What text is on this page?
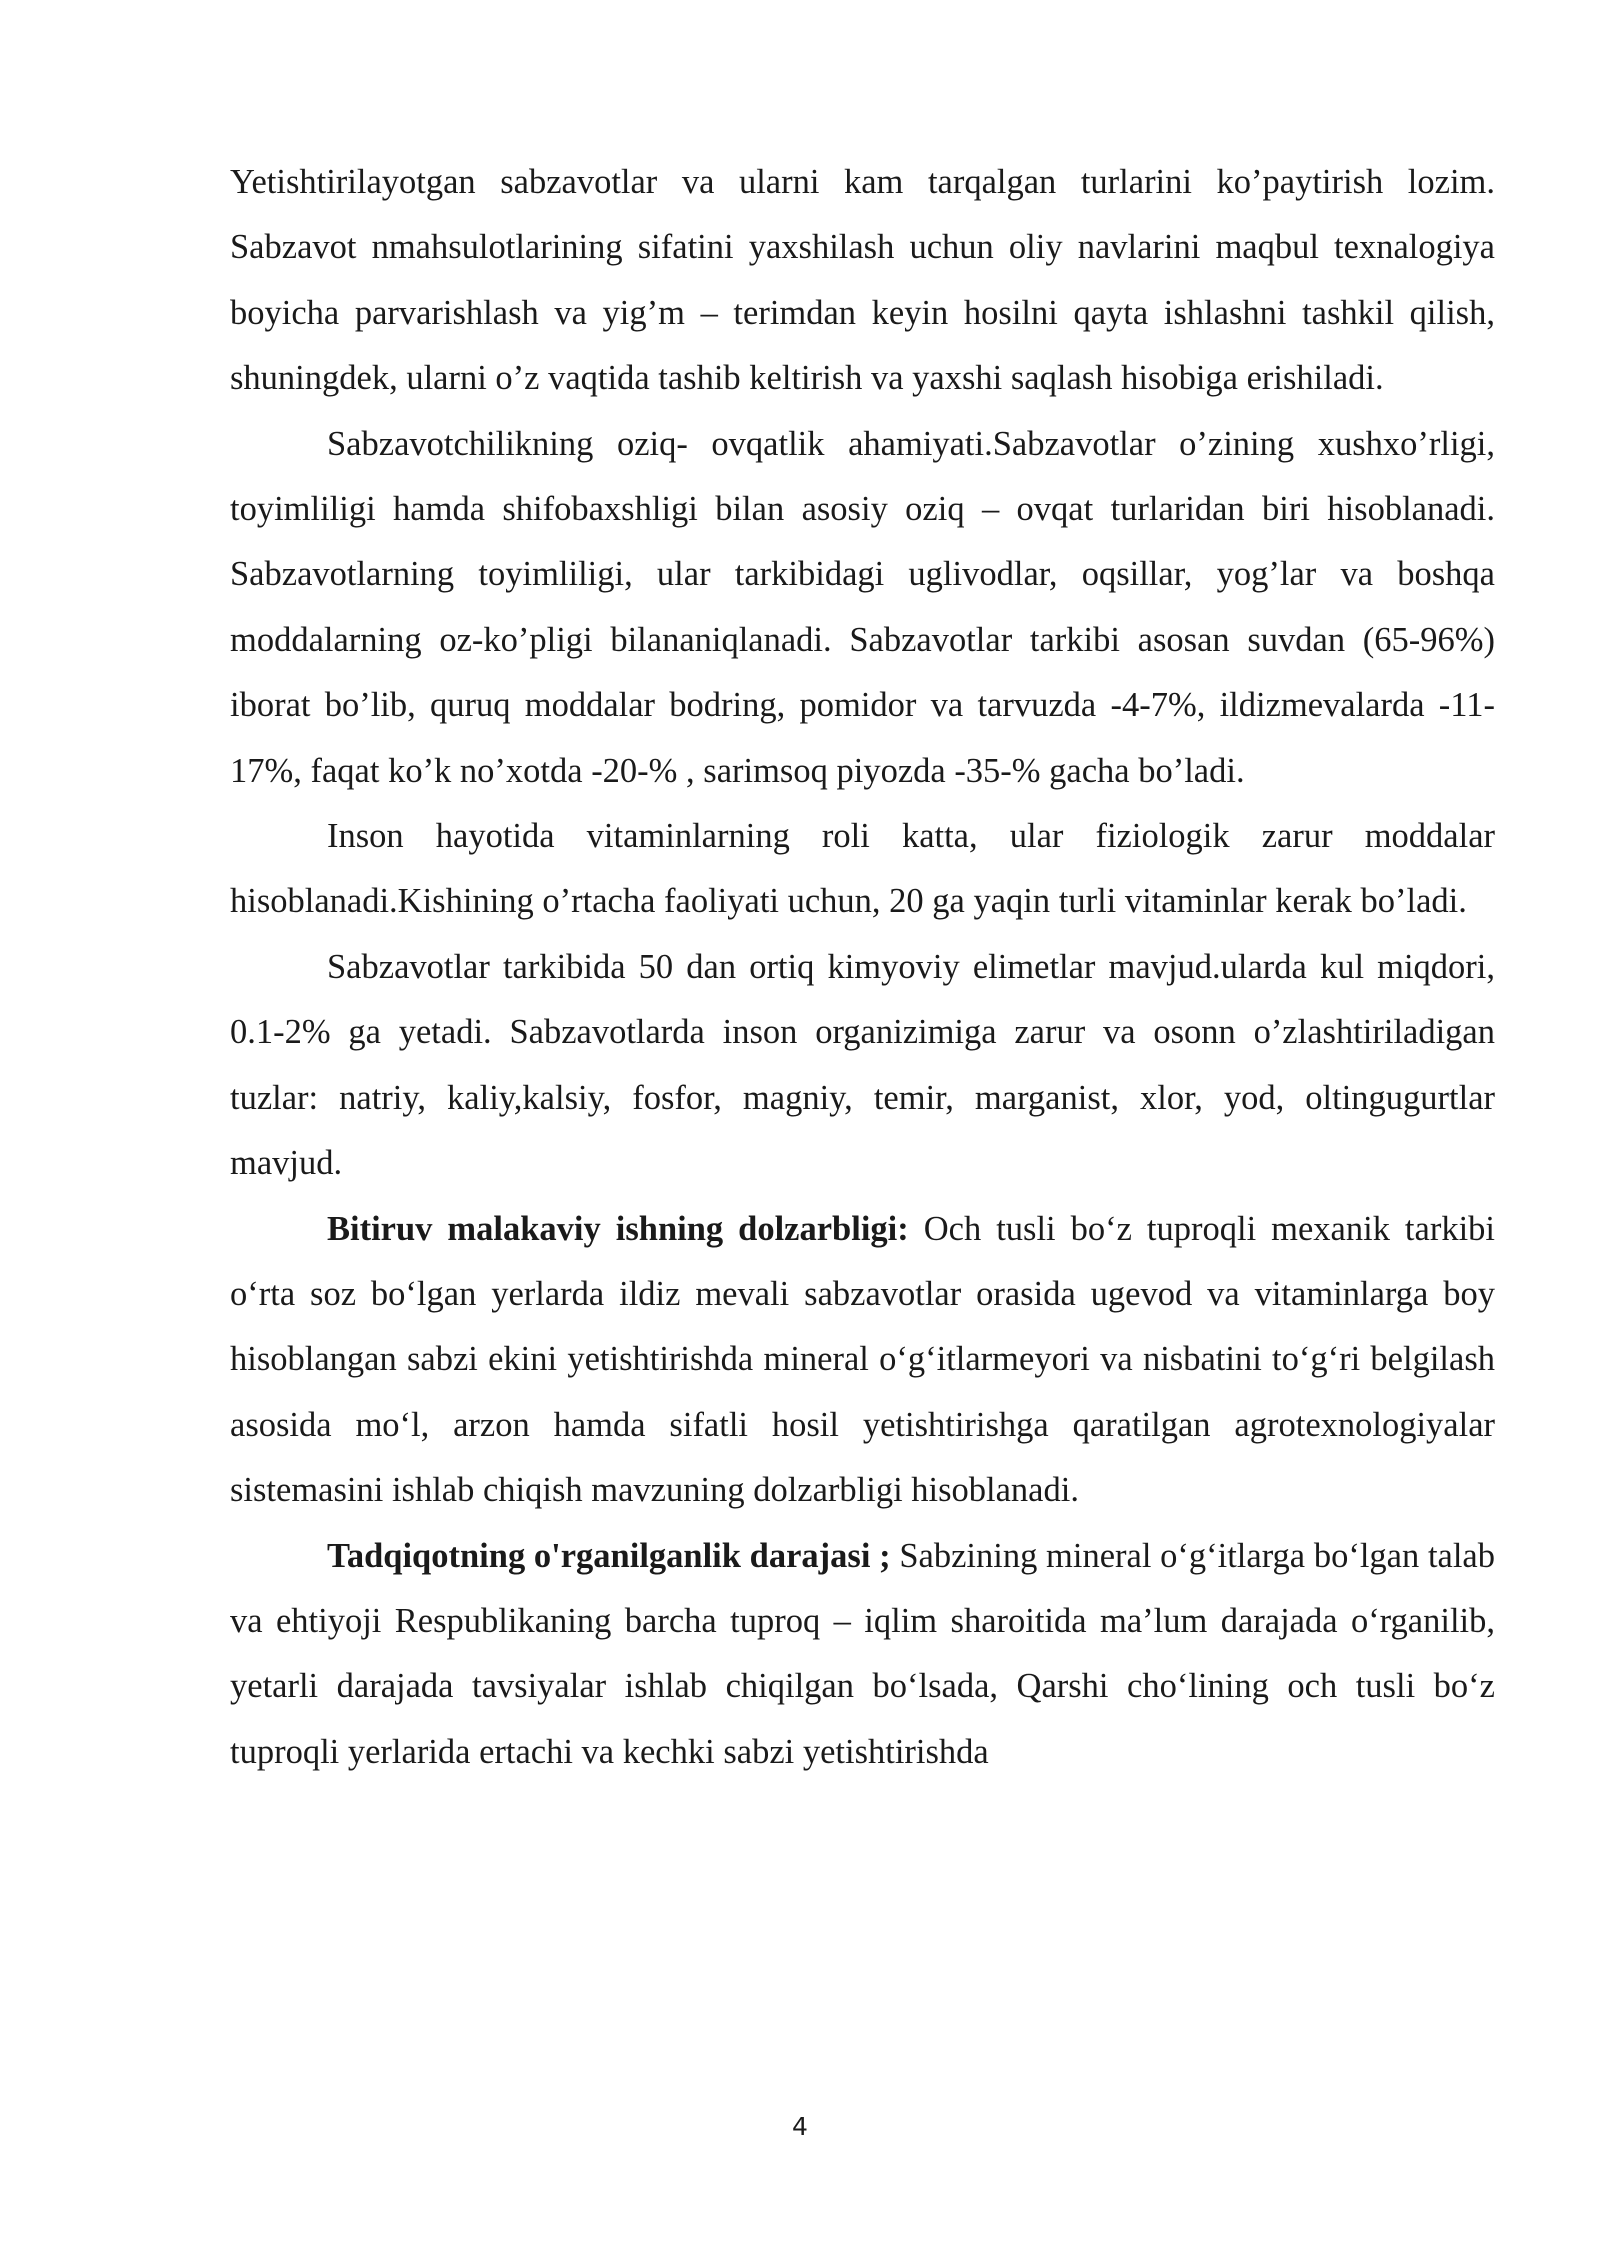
Yetishtirilayotgan sabzavotlar va ularni kam tarqalgan turlarini ko’paytirish lozim. Sabzavot nmahsulotlarining sifatini yaxshilash uchun oliy navlarini maqbul texnalogiya boyicha parvarishlash va yig’m – terimdan keyin hosilni qayta ishlashni tashkil qilish, shuningdek, ularni o’z vaqtida tashib keltirish va yaxshi saqlash hisobiga erishiladi.

Sabzavotchilikning oziq- ovqatlik ahamiyati.Sabzavotlar o’zining xushxo’rligi, toyimliligi hamda shifobaxshligi bilan asosiy oziq – ovqat turlaridan biri hisoblanadi. Sabzavotlarning toyimliligi, ular tarkibidagi uglivodlar, oqsillar, yog’lar va boshqa moddalarning oz-ko’pligi bilananiqlanadi. Sabzavotlar tarkibi asosan suvdan (65-96%) iborat bo’lib, quruq moddalar bodring, pomidor va tarvuzda -4-7%, ildizmevalarda -11-17%, faqat ko’k no’xotda -20-% , sarimsoq piyozda -35-% gacha bo’ladi.

Inson hayotida vitaminlarning roli katta, ular fiziologik zarur moddalar hisoblanadi.Kishining o’rtacha faoliyati uchun, 20 ga yaqin turli vitaminlar kerak bo’ladi.

Sabzavotlar tarkibida 50 dan ortiq kimyoviy elimetlar mavjud.ularda kul miqdori, 0.1-2% ga yetadi. Sabzavotlarda inson organizimiga zarur va osonn o’zlashtiriladigan tuzlar: natriy, kaliy,kalsiy, fosfor, magniy, temir, marganist, xlor, yod, oltingugurtlar mavjud.

Bitiruv malakaviy ishning dolzarbligi: Och tusli bo‘z tuproqli mexanik tarkibi o‘rta soz bo‘lgan yerlarda ildiz mevali sabzavotlar orasida ugevod va vitaminlarga boy hisoblangan sabzi ekini yetishtirishda mineral o‘g‘itlarmeyori va nisbatini to‘g‘ri belgilash asosida mo‘l, arzon hamda sifatli hosil yetishtirishga qaratilgan agrotexnologiyalar sistemasini ishlab chiqish mavzuning dolzarbligi hisoblanadi.

Tadqiqotning o'rganilganlik darajasi ; Sabzining mineral o‘g‘itlarga bo‘lgan talab va ehtiyoji Respublikaning barcha tuproq – iqlim sharoitida ma’lum darajada o‘rganilib, yetarli darajada tavsiyalar ishlab chiqilgan bo‘lsada, Qarshi cho‘lining och tusli bo‘z tuproqli yerlarida ertachi va kechki sabzi yetishtirishda

4
